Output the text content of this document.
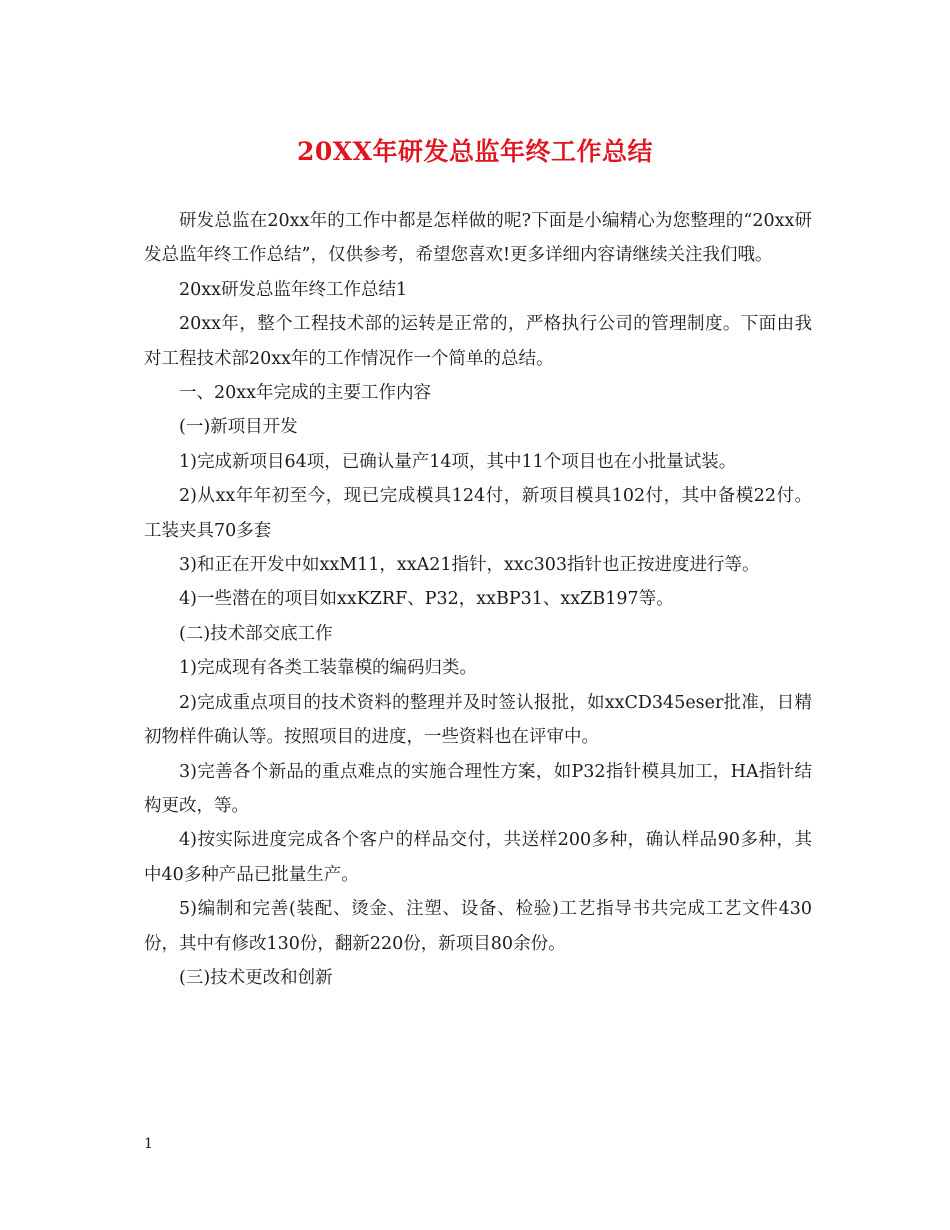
20XX年研发总监年终工作总结

研发总监在20xx年的工作中都是怎样做的呢?下面是小编精心为您整理的“20xx研发总监年终工作总结”，仅供参考，希望您喜欢!更多详细内容请继续关注我们哦。

20xx研发总监年终工作总结1

20xx年，整个工程技术部的运转是正常的，严格执行公司的管理制度。下面由我对工程技术部20xx年的工作情况作一个简单的总结。

一、20xx年完成的主要工作内容

(一)新项目开发

1)完成新项目64项，已确认量产14项，其中11个项目也在小批量试装。

2)从xx年年初至今，现已完成模具124付，新项目模具102付，其中备模22付。工装夹具70多套

3)和正在开发中如xxM11，xxA21指针，xxc303指针也正按进度进行等。

4)一些潜在的项目如xxKZRF、P32，xxBP31、xxZB197等。

(二)技术部交底工作

1)完成现有各类工装靠模的编码归类。

2)完成重点项目的技术资料的整理并及时签认报批，如xxCD345eser批准，日精初物样件确认等。按照项目的进度，一些资料也在评审中。

3)完善各个新品的重点难点的实施合理性方案，如P32指针模具加工，HA指针结构更改，等。

4)按实际进度完成各个客户的样品交付，共送样200多种，确认样品90多种，其中40多种产品已批量生产。

5)编制和完善(装配、烫金、注塑、设备、检验)工艺指导书共完成工艺文件430份，其中有修改130份，翻新220份，新项目80余份。

(三)技术更改和创新

1
